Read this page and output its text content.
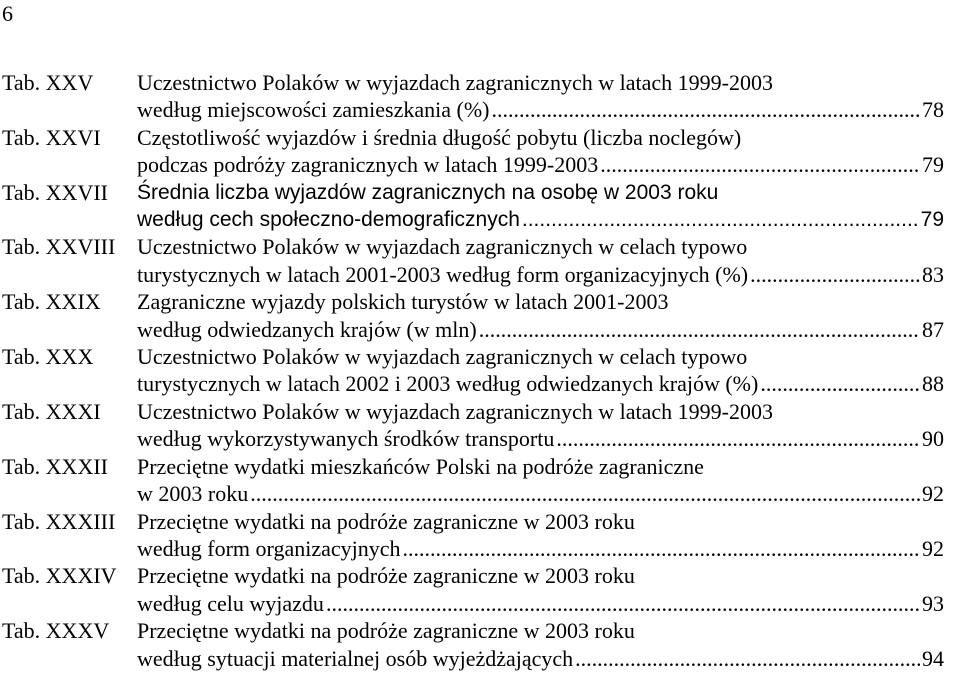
6
Tab. XXV	Uczestnictwo Polaków w wyjazdach zagranicznych w latach 1999-2003
według miejscowości zamieszkania (%) .....	78
Tab. XXVI	Częstotliwość wyjazdów i średnia długość pobytu (liczba noclegów)
podczas podróży zagranicznych w latach 1999-2003 .....	79
Tab. XXVII	Średnia liczba wyjazdów zagranicznych na osobę w 2003 roku
według cech społeczno-demograficznych .....	79
Tab. XXVIII Uczestnictwo Polaków w wyjazdach zagranicznych w celach typowo
turystycznych w latach 2001-2003 według form organizacyjnych (%) .....	83
Tab. XXIX	Zagraniczne wyjazdy polskich turystów w latach 2001-2003
według odwiedzanych krajów (w mln) .....	87
Tab. XXX	Uczestnictwo Polaków w wyjazdach zagranicznych w celach typowo
turystycznych w latach 2002 i 2003 według odwiedzanych krajów (%) .....	88
Tab. XXXI	Uczestnictwo Polaków w wyjazdach zagranicznych w latach 1999-2003
według wykorzystywanych środków transportu .....	90
Tab. XXXII	Przeciętne wydatki mieszkańców Polski na podróże zagraniczne
w 2003 roku .....	92
Tab. XXXIII Przeciętne wydatki na podróże zagraniczne w 2003 roku
według form organizacyjnych .....	92
Tab. XXXIV Przeciętne wydatki na podróże zagraniczne w 2003 roku
według celu wyjazdu .....	93
Tab. XXXV	Przeciętne wydatki na podróże zagraniczne w 2003 roku
według sytuacji materialnej osób wyjeżdżających .....	94
